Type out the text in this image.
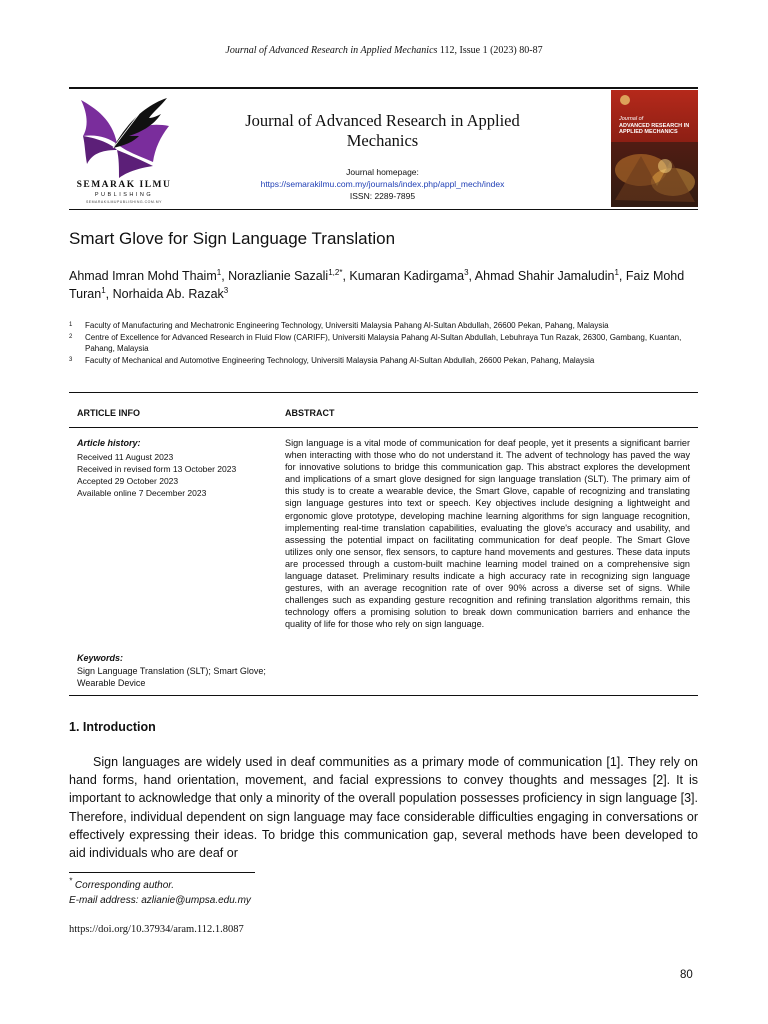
Journal of Advanced Research in Applied Mechanics 112, Issue 1 (2023) 80-87
SEMARAK ILMU
PUBLISHING
SEMARAKILMUPUBLISHING.COM.MY
Journal of Advanced Research in Applied Mechanics
Journal homepage:
https://semarakilmu.com.my/journals/index.php/appl_mech/index
ISSN: 2289-7895
Journal of
ADVANCED RESEARCH IN APPLIED MECHANICS
Smart Glove for Sign Language Translation
Ahmad Imran Mohd Thaim$^1$, Norazlianie Sazali$^{1,2*}$, Kumaran Kadirgama$^3$, Ahmad Shahir Jamaludin$^1$, Faiz Mohd Turan$^1$, Norhaida Ab. Razak$^3$
1	Faculty of Manufacturing and Mechatronic Engineering Technology, Universiti Malaysia Pahang Al-Sultan Abdullah, 26600 Pekan, Pahang, Malaysia
2	Centre of Excellence for Advanced Research in Fluid Flow (CARIFF), Universiti Malaysia Pahang Al-Sultan Abdullah, Lebuhraya Tun Razak, 26300, Gambang, Kuantan, Pahang, Malaysia
3	Faculty of Mechanical and Automotive Engineering Technology, Universiti Malaysia Pahang Al-Sultan Abdullah, 26600 Pekan, Pahang, Malaysia
ARTICLE INFO	ABSTRACT
Article history:
Received 11 August 2023
Received in revised form 13 October 2023
Accepted 29 October 2023
Available online 7 December 2023
Keywords:
Sign Language Translation (SLT); Smart Glove; Wearable Device
Sign language is a vital mode of communication for deaf people, yet it presents a significant barrier when interacting with those who do not understand it. The advent of technology has paved the way for innovative solutions to bridge this communication gap. This abstract explores the development and implications of a smart glove designed for sign language translation (SLT). The primary aim of this study is to create a wearable device, the Smart Glove, capable of recognizing and translating sign language gestures into text or speech. Key objectives include designing a lightweight and ergonomic glove prototype, developing machine learning algorithms for sign language recognition, implementing real-time translation capabilities, evaluating the glove's accuracy and usability, and assessing the potential impact on facilitating communication for deaf people. The Smart Glove utilizes only one sensor, flex sensors, to capture hand movements and gestures. These data inputs are processed through a custom-built machine learning model trained on a comprehensive sign language dataset. Preliminary results indicate a high accuracy rate in recognizing sign language gestures, with an average recognition rate of over 90% across a diverse set of signs. While challenges such as expanding gesture recognition and refining translation algorithms remain, this technology offers a promising solution to break down communication barriers and enhance the quality of life for those who rely on sign language.
1. Introduction

Sign languages are widely used in deaf communities as a primary mode of communication [1]. They rely on hand forms, hand orientation, movement, and facial expressions to convey thoughts and messages [2]. It is important to acknowledge that only a minority of the overall population possesses proficiency in sign language [3]. Therefore, individual dependent on sign language may face considerable difficulties engaging in conversations or effectively expressing their ideas. To bridge this communication gap, several methods have been developed to aid individuals who are deaf or

* Corresponding author.
E-mail address: azlianie@umpsa.edu.my
https://doi.org/10.37934/aram.112.1.8087
80
